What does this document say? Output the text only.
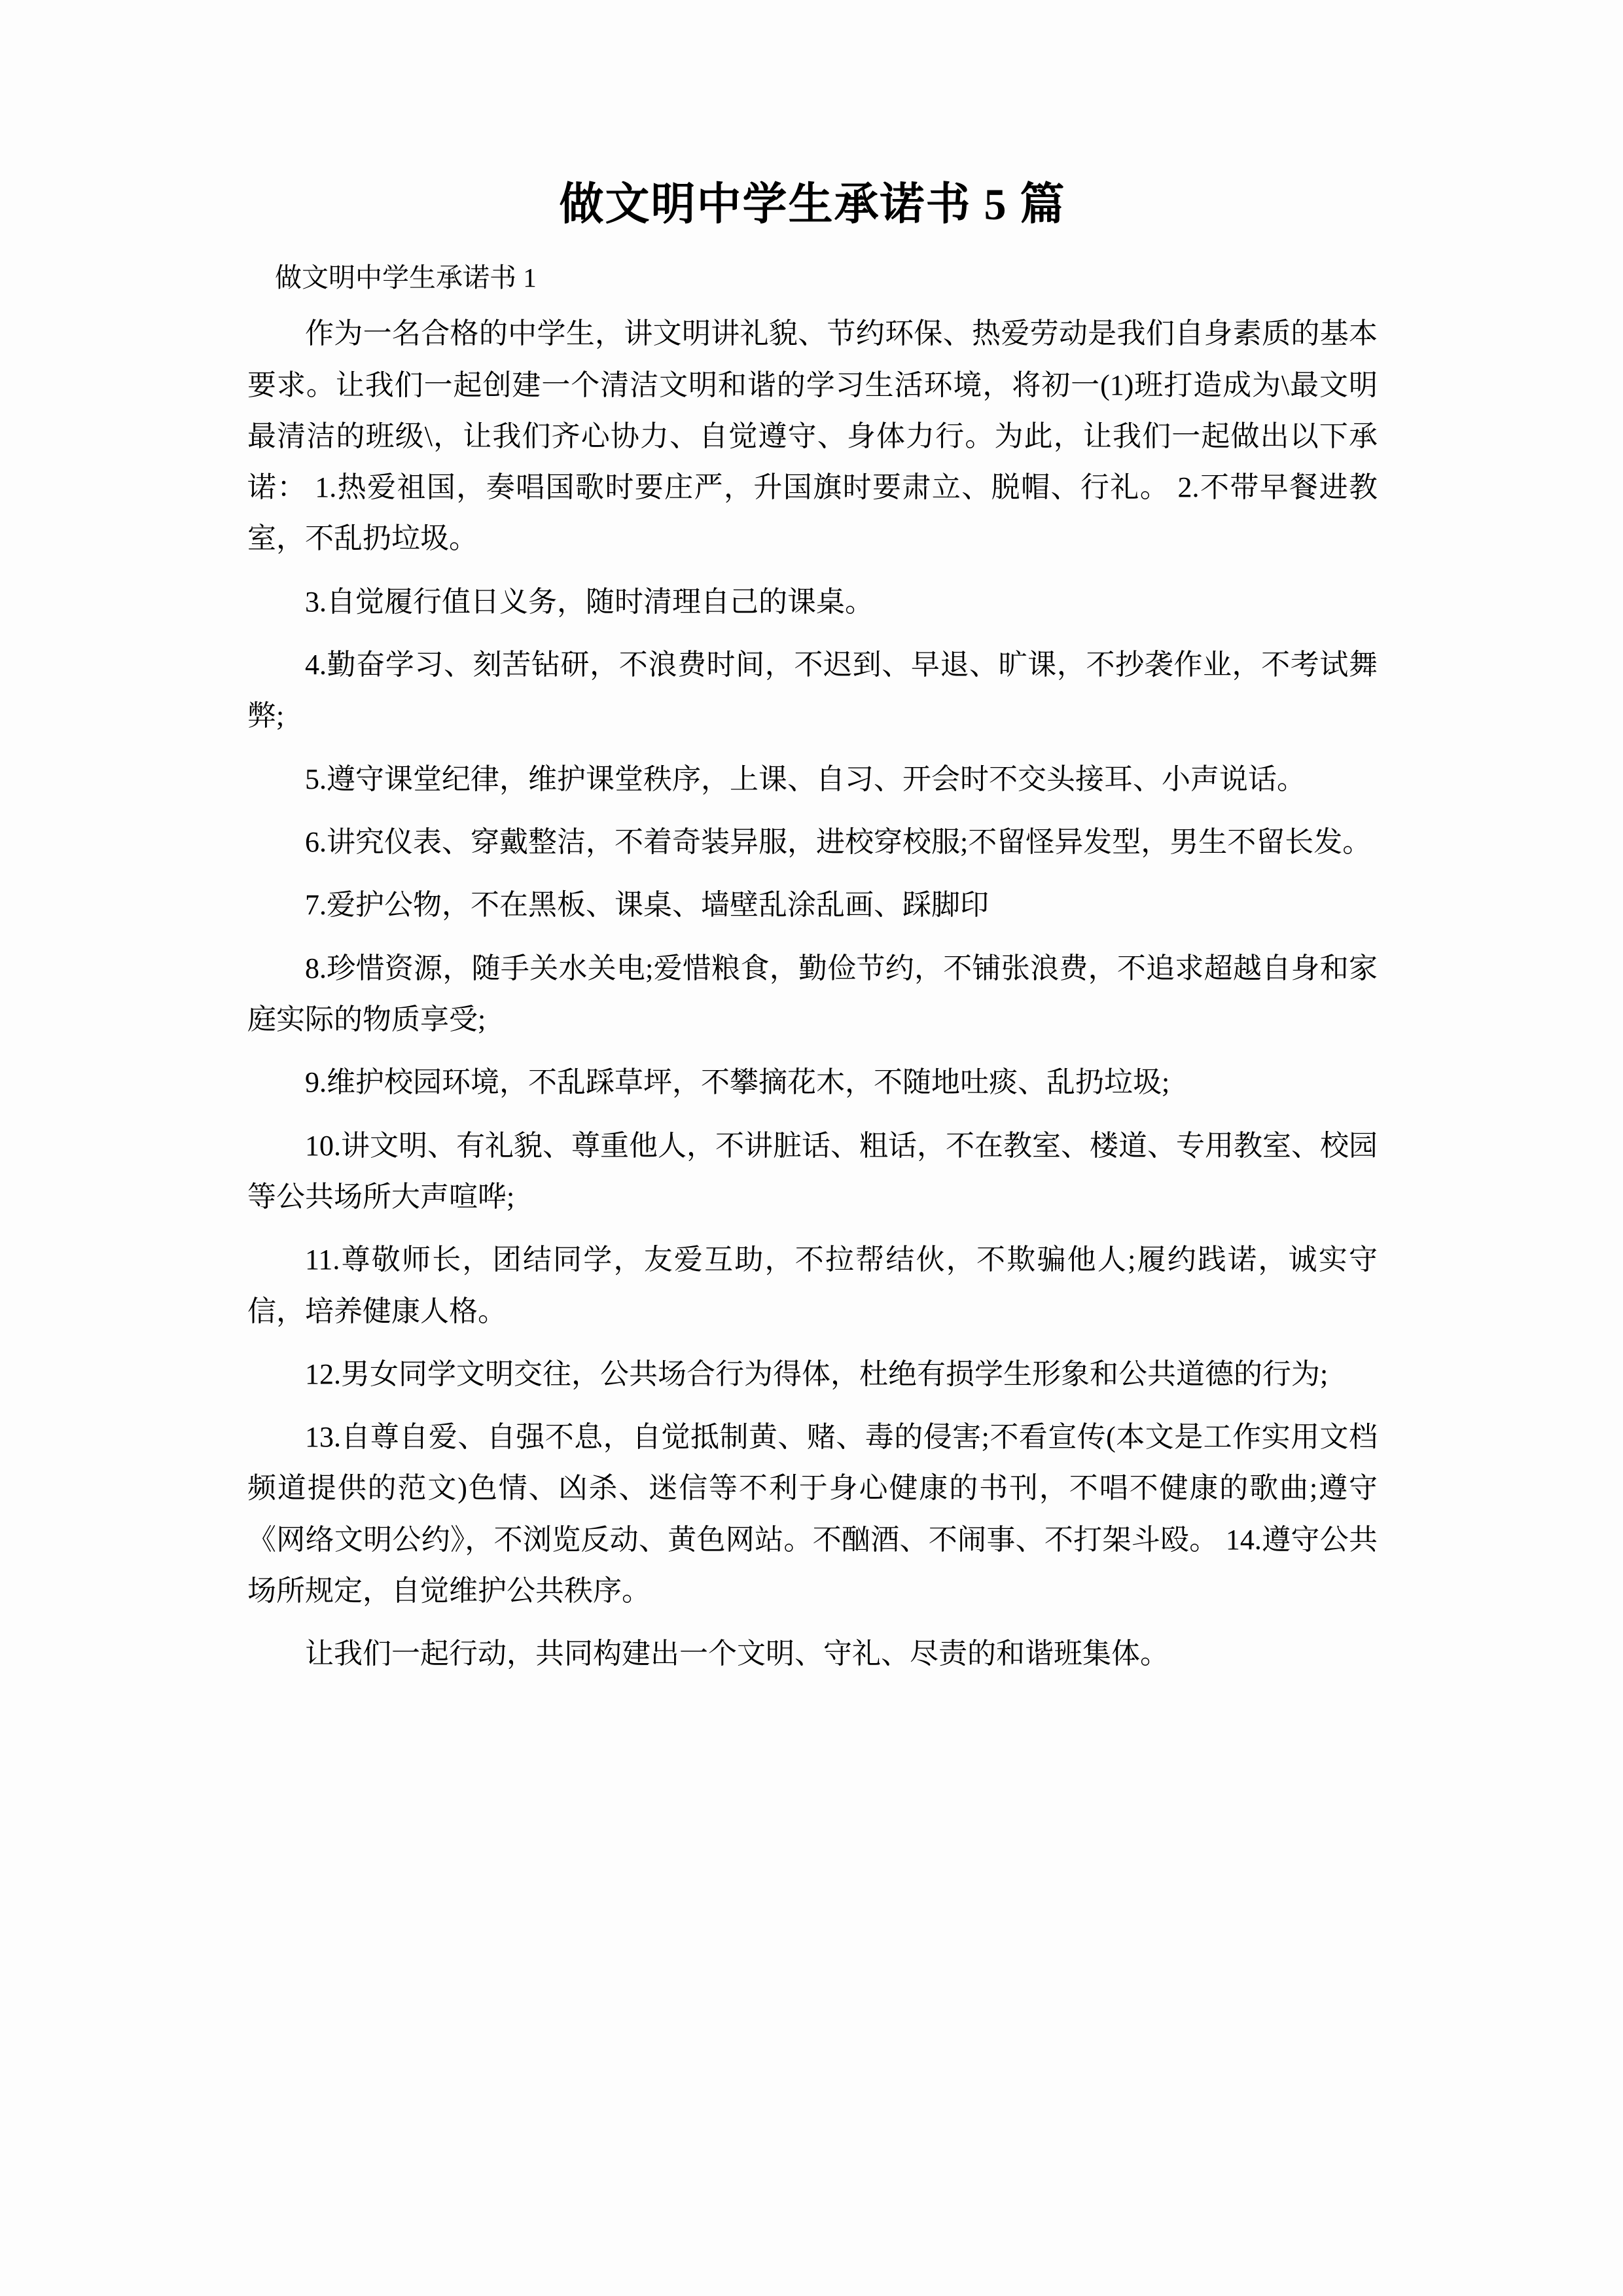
做文明中学生承诺书 5 篇

做文明中学生承诺书 1

作为一名合格的中学生，讲文明讲礼貌、节约环保、热爱劳动是我们自身素质的基本要求。让我们一起创建一个清洁文明和谐的学习生活环境，将初一(1)班打造成为\最文明最清洁的班级\，让我们齐心协力、自觉遵守、身体力行。为此，让我们一起做出以下承诺： 1.热爱祖国，奏唱国歌时要庄严，升国旗时要肃立、脱帽、行礼。 2.不带早餐进教室，不乱扔垃圾。

3.自觉履行值日义务，随时清理自己的课桌。

4.勤奋学习、刻苦钻研，不浪费时间，不迟到、早退、旷课，不抄袭作业，不考试舞弊;

5.遵守课堂纪律，维护课堂秩序，上课、自习、开会时不交头接耳、小声说话。

6.讲究仪表、穿戴整洁，不着奇装异服，进校穿校服;不留怪异发型，男生不留长发。

7.爱护公物，不在黑板、课桌、墙壁乱涂乱画、踩脚印

8.珍惜资源，随手关水关电;爱惜粮食，勤俭节约，不铺张浪费，不追求超越自身和家庭实际的物质享受;

9.维护校园环境，不乱踩草坪，不攀摘花木，不随地吐痰、乱扔垃圾;

10.讲文明、有礼貌、尊重他人，不讲脏话、粗话，不在教室、楼道、专用教室、校园等公共场所大声喧哗;

11.尊敬师长，团结同学，友爱互助，不拉帮结伙，不欺骗他人;履约践诺，诚实守信，培养健康人格。

12.男女同学文明交往，公共场合行为得体，杜绝有损学生形象和公共道德的行为;

13.自尊自爱、自强不息，自觉抵制黄、赌、毒的侵害;不看宣传(本文是工作实用文档频道提供的范文)色情、凶杀、迷信等不利于身心健康的书刊，不唱不健康的歌曲;遵守《网络文明公约》，不浏览反动、黄色网站。不酗酒、不闹事、不打架斗殴。 14.遵守公共场所规定，自觉维护公共秩序。

让我们一起行动，共同构建出一个文明、守礼、尽责的和谐班集体。
